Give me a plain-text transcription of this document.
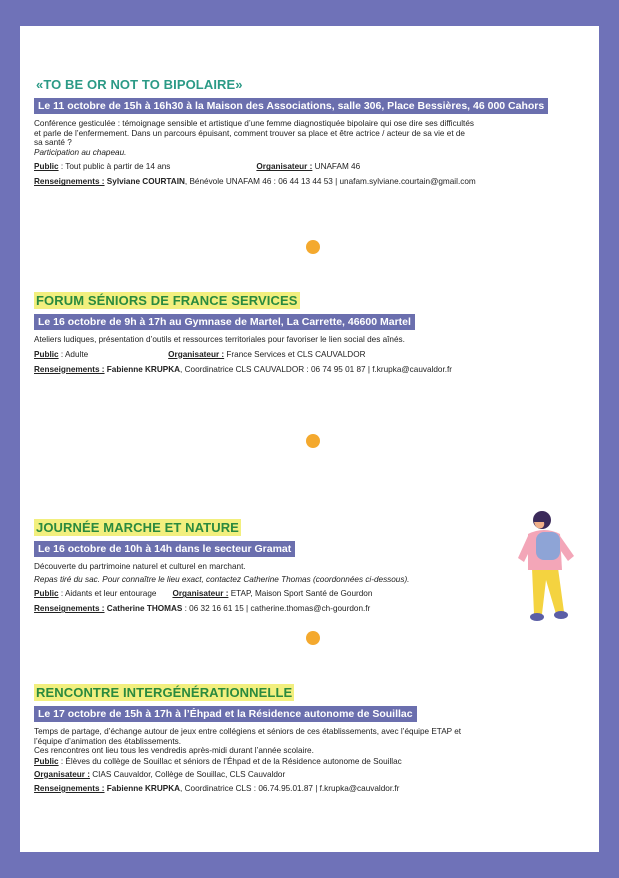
«TO BE OR NOT TO BIPOLAIRE»
Le 11 octobre de 15h à 16h30 à la Maison des Associations, salle 306, Place Bessières, 46 000 Cahors

Conférence gesticulée : témoignage sensible et artistique d’une femme diagnostiquée bipolaire qui ose dire ses difficultés

et parle de l’enfermement. Dans un parcours épuisant, comment trouver sa place et être actrice / acteur de sa vie et de

sa santé ?

Participation au chapeau.

Public : Tout public à partir de 14 ans	Organisateur : UNAFAM 46
Renseignements : Sylviane COURTAIN, Bénévole UNAFAM 46 : 06 44 13 44 53 | unafam.sylviane.courtain@gmail.com
FORUM SÉNIORS DE FRANCE SERVICES
Le 16 octobre de 9h à 17h au Gymnase de Martel, La Carrette, 46600 Martel

Ateliers ludiques, présentation d’outils et ressources territoriales pour favoriser le lien social des aînés.

Public : Adulte	Organisateur : France Services et CLS CAUVALDOR
Renseignements : Fabienne KRUPKA, Coordinatrice CLS CAUVALDOR : 06 74 95 01 87 | f.krupka@cauvaldor.fr
JOURNÉE MARCHE ET NATURE
Le 16 octobre de 10h à 14h dans le secteur Gramat

Découverte du partrimoine naturel et culturel en marchant.

Repas tiré du sac. Pour connaître le lieu exact, contactez Catherine Thomas (coordonnées ci-dessous).

Public : Aidants et leur entourage Organisateur : ETAP, Maison Sport Santé de Gourdon
Renseignements : Catherine THOMAS : 06 32 16 61 15 | catherine.thomas@ch-gourdon.fr
RENCONTRE INTERGÉNÉRATIONNELLE
Le 17 octobre de 15h à 17h à l’Éhpad et la Résidence autonome de Souillac

Temps de partage, d’échange autour de jeux entre collégiens et séniors de ces établissements, avec l’équipe ETAP et

l’équipe d’animation des établissements.

Ces rencontres ont lieu tous les vendredis après-midi durant l’année scolaire.

Public : Élèves du collège de Souillac et séniors de l’Éhpad et de la Résidence autonome de Souillac
Organisateur : CIAS Cauvaldor, Collège de Souillac, CLS Cauvaldor
Renseignements : Fabienne KRUPKA, Coordinatrice CLS : 06.74.95.01.87 | f.krupka@cauvaldor.fr
